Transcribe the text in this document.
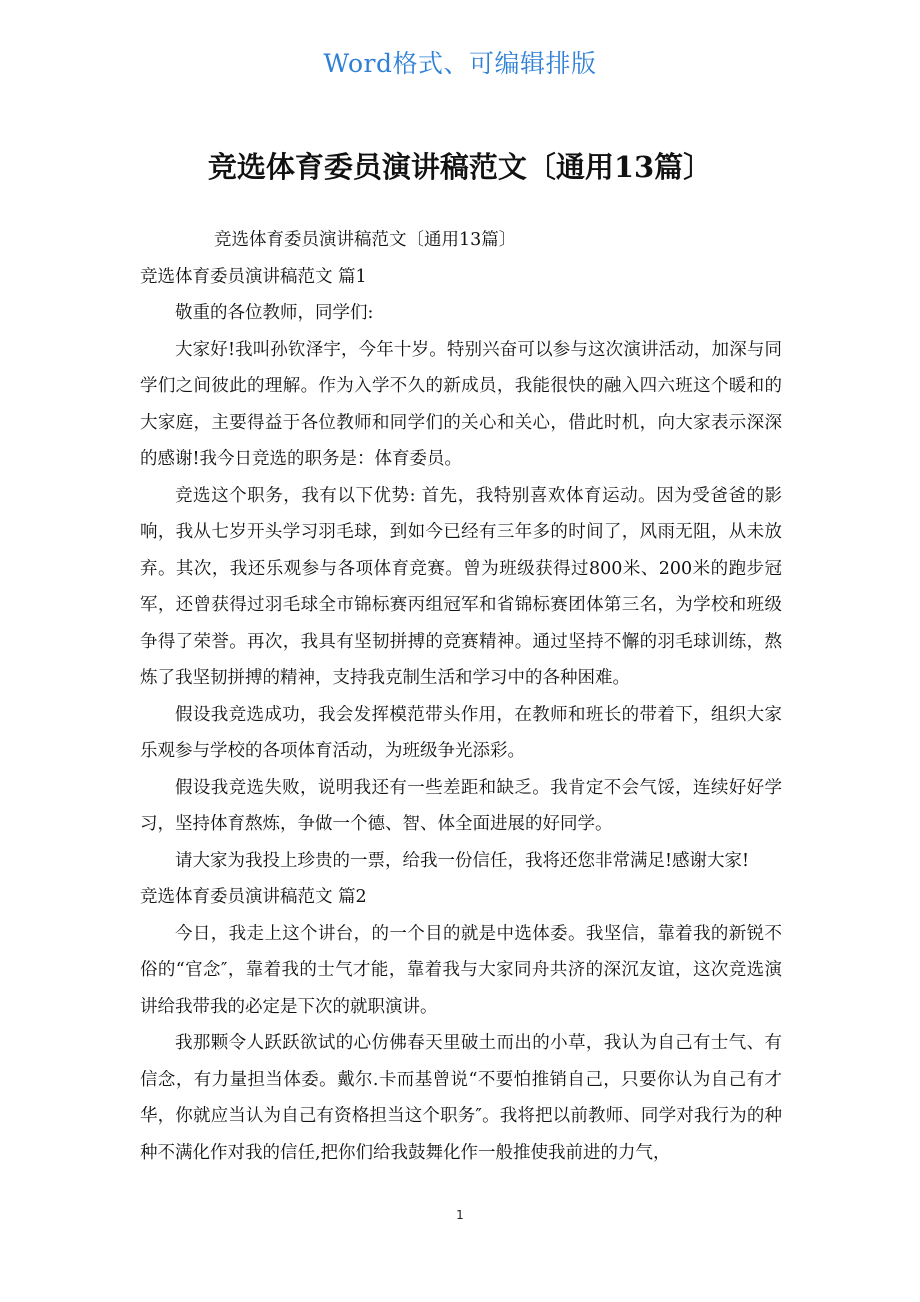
Word格式、可编辑排版
竞选体育委员演讲稿范文〔通用13篇〕
竞选体育委员演讲稿范文〔通用13篇〕
竞选体育委员演讲稿范文 篇1

敬重的各位教师，同学们:

大家好!我叫孙钦泽宇，今年十岁。特别兴奋可以参与这次演讲活动，加深与同学们之间彼此的理解。作为入学不久的新成员，我能很快的融入四六班这个暖和的大家庭，主要得益于各位教师和同学们的关心和关心，借此时机，向大家表示深深的感谢!我今日竞选的职务是：体育委员。

竞选这个职务，我有以下优势: 首先，我特别喜欢体育运动。因为受爸爸的影响，我从七岁开头学习羽毛球，到如今已经有三年多的时间了，风雨无阻，从未放弃。其次，我还乐观参与各项体育竞赛。曾为班级获得过800米、200米的跑步冠军，还曾获得过羽毛球全市锦标赛丙组冠军和省锦标赛团体第三名，为学校和班级争得了荣誉。再次，我具有坚韧拼搏的竞赛精神。通过坚持不懈的羽毛球训练，熬炼了我坚韧拼搏的精神，支持我克制生活和学习中的各种困难。

假设我竞选成功，我会发挥模范带头作用，在教师和班长的带着下，组织大家乐观参与学校的各项体育活动，为班级争光添彩。

假设我竞选失败，说明我还有一些差距和缺乏。我肯定不会气馁，连续好好学习，坚持体育熬炼，争做一个德、智、体全面进展的好同学。

请大家为我投上珍贵的一票，给我一份信任，我将还您非常满足!感谢大家!

竞选体育委员演讲稿范文 篇2

今日，我走上这个讲台，的一个目的就是中选体委。我坚信，靠着我的新锐不俗的“官念″，靠着我的士气才能，靠着我与大家同舟共济的深沉友谊，这次竞选演讲给我带我的必定是下次的就职演讲。

我那颗令人跃跃欲试的心仿佛春天里破土而出的小草，我认为自己有士气、有信念，有力量担当体委。戴尔.卡而基曾说“不要怕推销自己，只要你认为自己有才华，你就应当认为自己有资格担当这个职务″。我将把以前教师、同学对我行为的种种不满化作对我的信任,把你们给我鼓舞化作一般推使我前进的力气，

1
